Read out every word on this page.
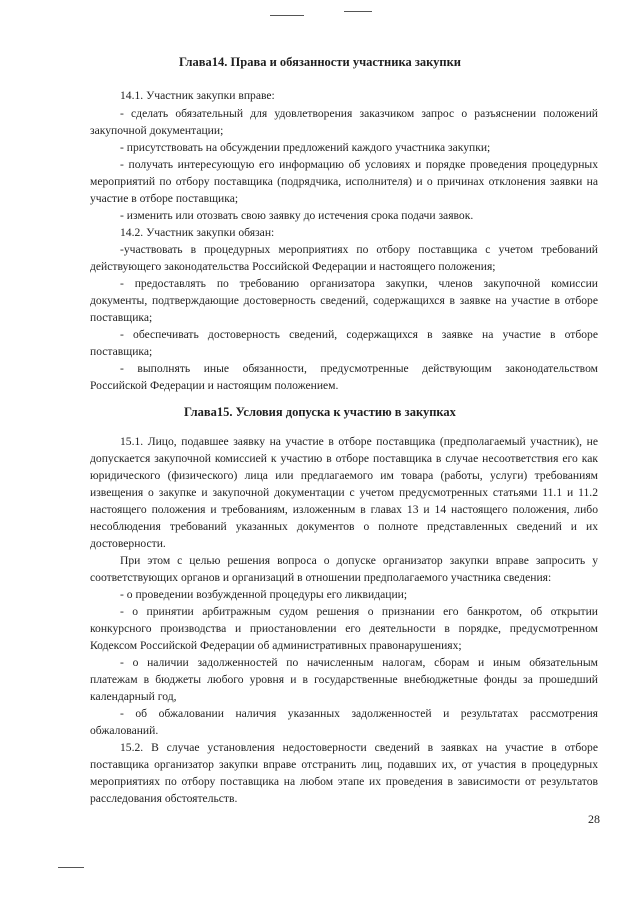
Глава14. Права и обязанности участника закупки
14.1. Участник закупки вправе:
- сделать обязательный для удовлетворения заказчиком запрос о разъяснении положений
закупочной документации;
- присутствовать на обсуждении предложений каждого участника закупки;
- получать интересующую его информацию об условиях и порядке проведения процедурных
мероприятий по отбору поставщика (подрядчика, исполнителя) и о причинах отклонения заявки на
участие в отборе поставщика;
- изменить или отозвать свою заявку до истечения срока подачи заявок.
14.2. Участник закупки обязан:
-участвовать в процедурных мероприятиях по отбору поставщика с учетом требований
действующего законодательства Российской Федерации и настоящего положения;
- предоставлять по требованию организатора закупки, членов закупочной комиссии
документы, подтверждающие достоверность сведений, содержащихся в заявке на участие в отборе
поставщика;
- обеспечивать достоверность сведений, содержащихся в заявке на участие в отборе
поставщика;
- выполнять иные обязанности, предусмотренные действующим законодательством
Российской Федерации и настоящим положением.
Глава15. Условия допуска к участию в закупках
15.1. Лицо, подавшее заявку на участие в отборе поставщика (предполагаемый участник), не
допускается закупочной комиссией к участию в отборе поставщика в случае несоответствия его как
юридического (физического) лица или предлагаемого им товара (работы, услуги) требованиям
извещения о закупке и закупочной документации с учетом предусмотренных статьями 11.1 и 11.2
настоящего положения и требованиям, изложенным в главах 13 и 14 настоящего положения, либо
несоблюдения требований указанных документов о полноте представленных сведений и их
достоверности.
При этом с целью решения вопроса о допуске организатор закупки вправе запросить у
соответствующих органов и организаций в отношении предполагаемого участника сведения:
- о проведении возбужденной процедуры его ликвидации;
- о принятии арбитражным судом решения о признании его банкротом, об открытии
конкурсного производства и приостановлении его деятельности в порядке, предусмотренном
Кодексом Российской Федерации об административных правонарушениях;
- о наличии задолженностей по начисленным налогам, сборам и иным обязательным
платежам в бюджеты любого уровня и в государственные внебюджетные фонды за прошедший
календарный год,
- об обжаловании наличия указанных задолженностей и результатах рассмотрения
обжалований.
15.2. В случае установления недостоверности сведений в заявках на участие в отборе
поставщика организатор закупки вправе отстранить лиц, подавших их, от участия в процедурных
мероприятиях по отбору поставщика на любом этапе их проведения в зависимости от результатов
расследования обстоятельств.
28
